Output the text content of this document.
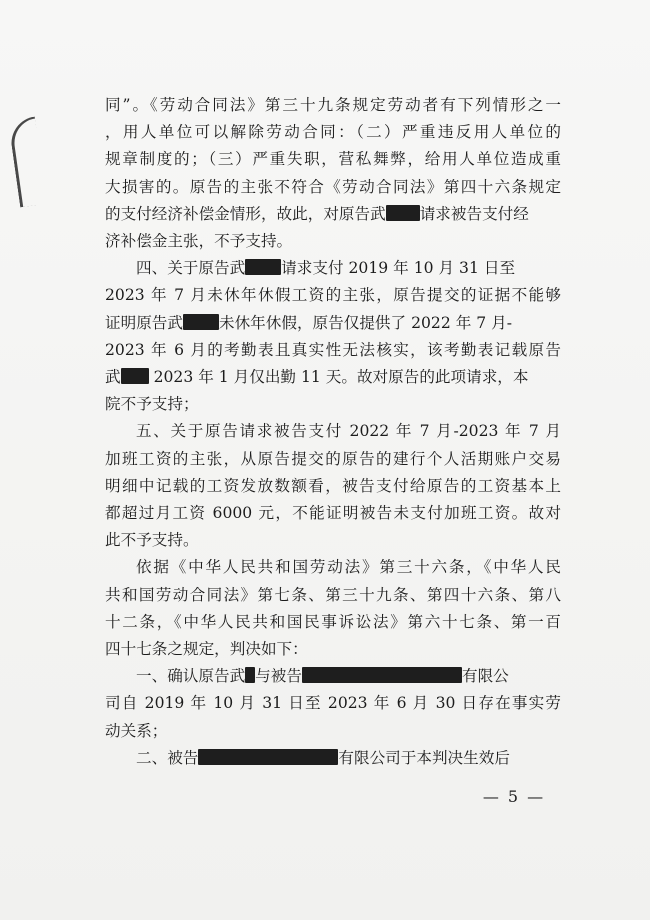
同”。《劳动合同法》第三十九条规定劳动者有下列情形之一
，用人单位可以解除劳动合同：（二）严重违反用人单位的
规章制度的；（三）严重失职，营私舞弊，给用人单位造成重
大损害的。原告的主张不符合《劳动合同法》第四十六条规定
的支付经济补偿金情形，故此，对原告武 请求被告支付经
济补偿金主张，不予支持。
四、关于原告武 请求支付 2019 年 10 月 31 日至
2023 年 7 月未休年休假工资的主张，原告提交的证据不能够
证明原告武 未休年休假，原告仅提供了 2022 年 7 月-
2023 年 6 月的考勤表且真实性无法核实，该考勤表记载原告
武 2023 年 1 月仅出勤 11 天。故对原告的此项请求，本
院不予支持；
五、关于原告请求被告支付 2022 年 7 月-2023 年 7 月
加班工资的主张，从原告提交的原告的建行个人活期账户交易
明细中记载的工资发放数额看，被告支付给原告的工资基本上
都超过月工资 6000 元，不能证明被告未支付加班工资。故对
此不予支持。
依据《中华人民共和国劳动法》第三十六条，《中华人民
共和国劳动合同法》第七条、第三十九条、第四十六条、第八
十二条，《中华人民共和国民事诉讼法》第六十七条、第一百
四十七条之规定，判决如下：
一、确认原告武 与被告	有限公
司自 2019 年 10 月 31 日至 2023 年 6 月 30 日存在事实劳
动关系；
二、被告	有限公司于本判决生效后
— 5 —
